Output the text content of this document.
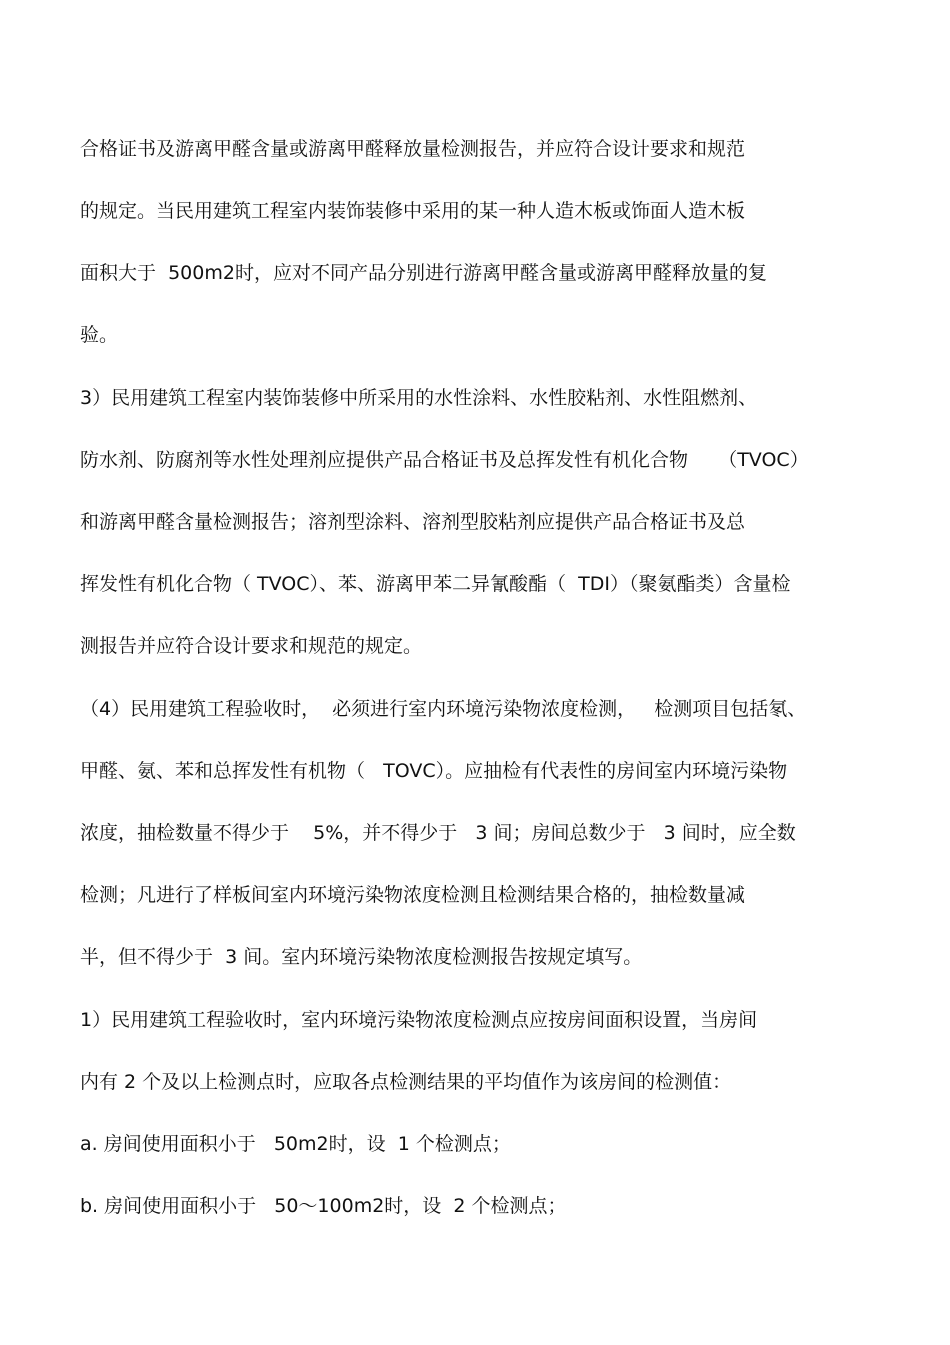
合格证书及游离甲醛含量或游离甲醛释放量检测报告，并应符合设计要求和规范
的规定。当民用建筑工程室内装饰装修中采用的某一种人造木板或饰面人造木板
面积大于  500m2时，应对不同产品分别进行游离甲醛含量或游离甲醛释放量的复
验。
3）民用建筑工程室内装饰装修中所采用的水性涂料、水性胶粘剂、水性阻燃剂、
防水剂、防腐剂等水性处理剂应提供产品合格证书及总挥发性有机化合物     （TVOC）
和游离甲醛含量检测报告；溶剂型涂料、溶剂型胶粘剂应提供产品合格证书及总
挥发性有机化合物（ TVOC）、苯、游离甲苯二异氰酸酯（  TDI）（聚氨酯类）含量检
测报告并应符合设计要求和规范的规定。
（4）民用建筑工程验收时，  必须进行室内环境污染物浓度检测，   检测项目包括氡、
甲醛、氨、苯和总挥发性有机物（   TOVC）。应抽检有代表性的房间室内环境污染物
浓度，抽检数量不得少于    5%，并不得少于   3 间；房间总数少于   3 间时，应全数
检测；凡进行了样板间室内环境污染物浓度检测且检测结果合格的，抽检数量减
半，但不得少于  3 间。室内环境污染物浓度检测报告按规定填写。
1）民用建筑工程验收时，室内环境污染物浓度检测点应按房间面积设置，当房间
内有 2 个及以上检测点时，应取各点检测结果的平均值作为该房间的检测值：
a. 房间使用面积小于   50m2时，设  1 个检测点；
b. 房间使用面积小于   50～100m2时，设  2 个检测点；
